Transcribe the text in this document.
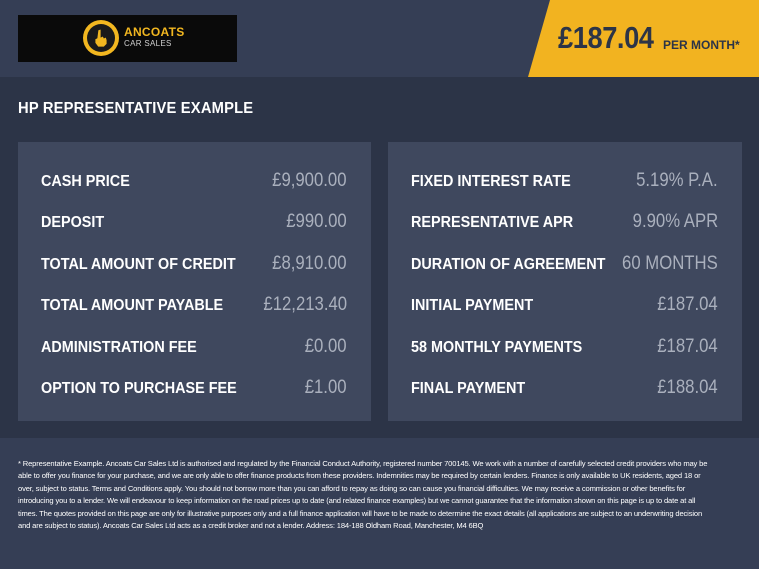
ANCOATS
CAR SALES	£187.04 PER MONTH*
HP REPRESENTATIVE EXAMPLE
CASH PRICE	£9,900.00
DEPOSIT	£990.00
TOTAL AMOUNT OF CREDIT £8,910.00
TOTAL AMOUNT PAYABLE £12,213.40
ADMINISTRATION FEE	£0.00
OPTION TO PURCHASE FEE	£1.00
FIXED INTEREST RATE	5.19% P.A.
REPRESENTATIVE APR	9.90% APR
DURATION OF AGREEMENT 60 MONTHS
INITIAL PAYMENT	£187.04
58 MONTHLY PAYMENTS	£187.04
FINAL PAYMENT	£188.04
* Representative Example. Ancoats Car Sales Ltd is authorised and regulated by the Financial Conduct Authority, registered number 700145. We work with a number of carefully selected credit providers who may be able to offer you finance for your purchase, and we are only able to offer finance products from these providers. Indemnities may be required by certain lenders. Finance is only available to UK residents, aged 18 or over, subject to status. Terms and Conditions apply. You should not borrow more than you can afford to repay as doing so can cause you financial difficulties. We may receive a commission or other benefits for introducing you to a lender. We will endeavour to keep information on the road prices up to date (and related finance examples) but we cannot guarantee that the information shown on this page is up to date at all times. The quotes provided on this page are only for illustrative purposes only and a full finance application will have to be made to determine the exact details (all applications are subject to an underwriting decision and are subject to status). Ancoats Car Sales Ltd acts as a credit broker and not a lender. Address: 184-188 Oldham Road, Manchester, M4 6BQ
